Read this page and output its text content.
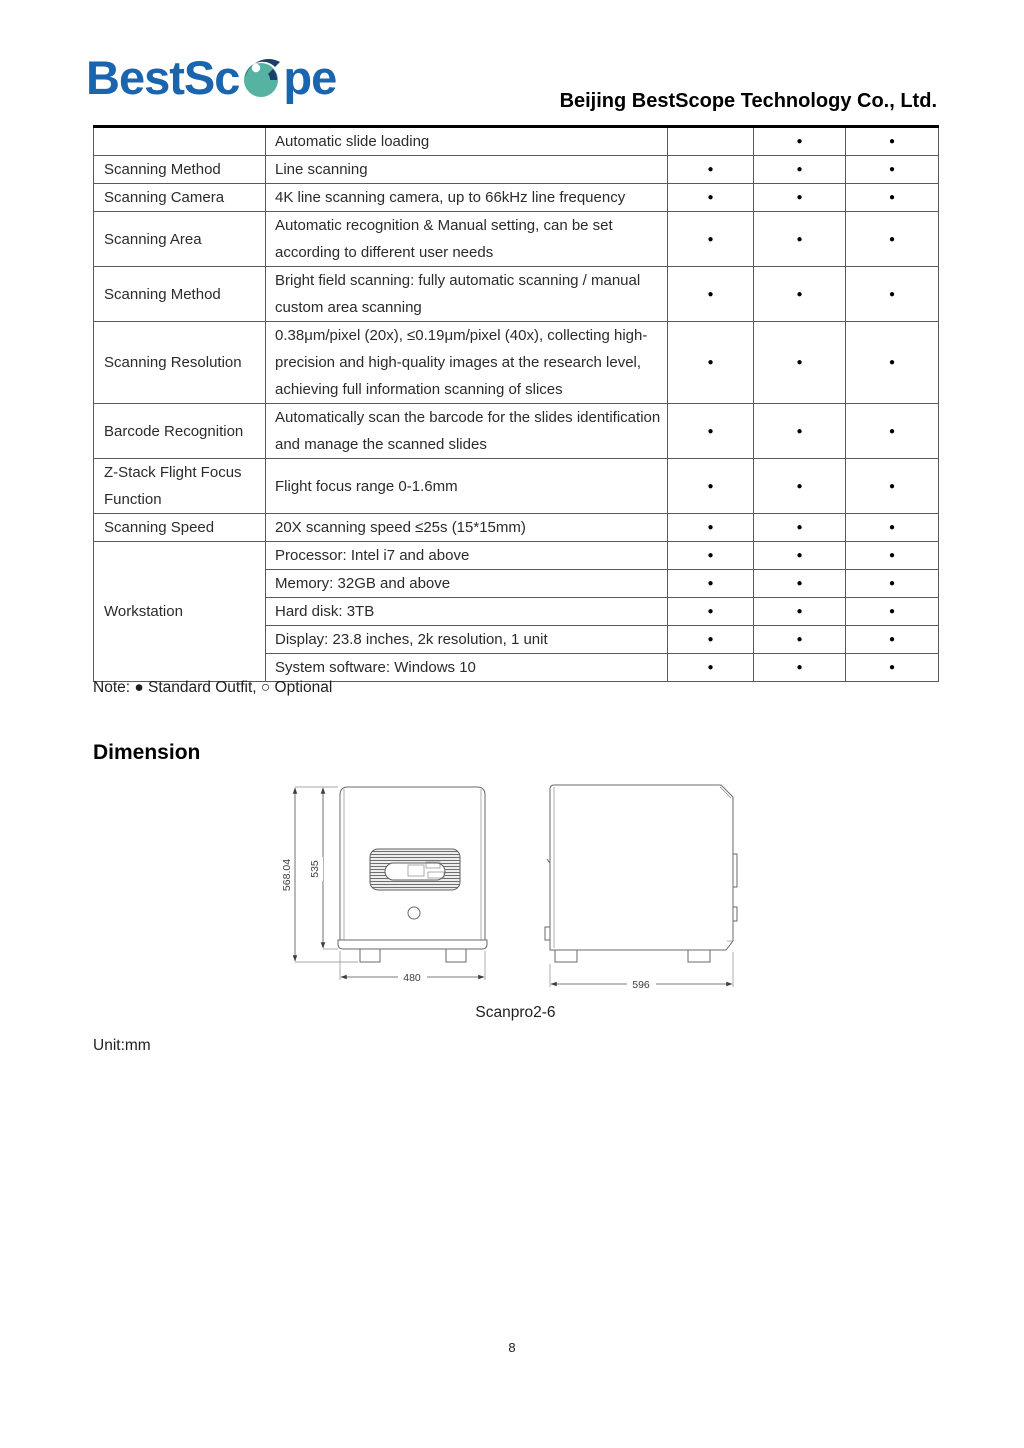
BestSc pe	Beijing BestScope Technology Co., Ltd.

	Automatic slide loading		●	●
Scanning Method	Line scanning	●	●	●
Scanning Camera	4K line scanning camera, up to 66kHz line frequency	●	●	●
Scanning Area	Automatic recognition & Manual setting, can be set
according to different user needs	●	●	●
Scanning Method	Bright field scanning: fully automatic scanning / manual
custom area scanning	●	●	●
Scanning Resolution	0.38μm/pixel (20x), ≤0.19μm/pixel (40x), collecting high-
precision and high-quality images at the research level,
achieving full information scanning of slices	●	●	●
Barcode Recognition	Automatically scan the barcode for the slides identification
and manage the scanned slides	●	●	●
Z-Stack Flight Focus Function	Flight focus range 0-1.6mm	●	●	●
Scanning Speed	20X scanning speed ≤25s (15*15mm)	●	●	●
Workstation	Processor: Intel i7 and above	●	●	●

	Memory: 32GB and above	●	●	●

	Hard disk: 3TB	●	●	●

	Display: 23.8 inches, 2k resolution, 1 unit	●	●	●

	System software: Windows 10	●	●	●
Note: ● Standard Outfit, ○ Optional
Dimension
568.04 535
480
596
Scanpro2-6
Unit:mm
8
